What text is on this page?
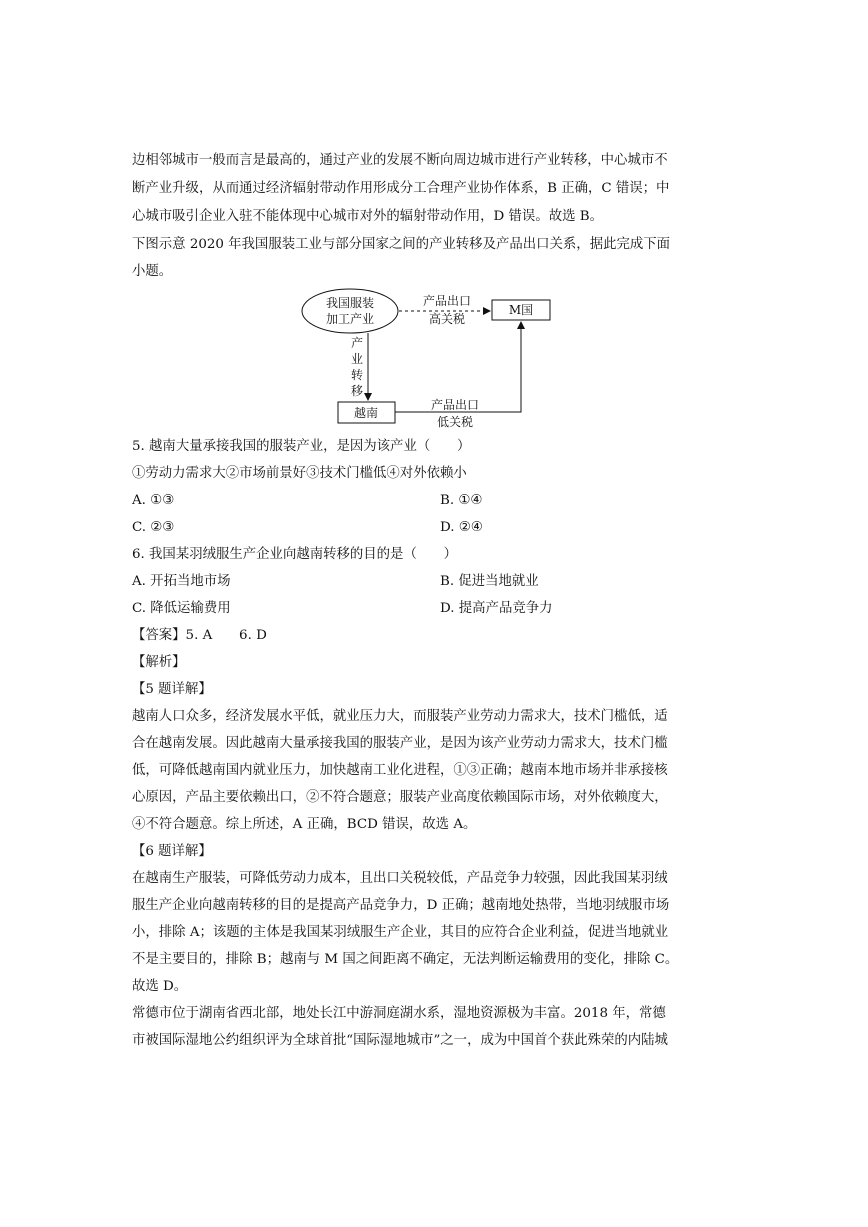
边相邻城市一般而言是最高的，通过产业的发展不断向周边城市进行产业转移，中心城市不
断产业升级，从而通过经济辐射带动作用形成分工合理产业协作体系，B 正确，C 错误；中
心城市吸引企业入驻不能体现中心城市对外的辐射带动作用，D 错误。故选 B。
下图示意 2020 年我国服装工业与部分国家之间的产业转移及产品出口关系，据此完成下面
小题。
我国服装
加工产业
M国
产品出口
高关税
产
业
转
移
越南
产品出口
低关税
5. 越南大量承接我国的服装产业，是因为该产业（　　）
①劳动力需求大②市场前景好③技术门槛低④对外依赖小
A. ①③	B. ①④
C. ②③	D. ②④
6. 我国某羽绒服生产企业向越南转移的目的是（　　）
A. 开拓当地市场	B. 促进当地就业
C. 降低运输费用	D. 提高产品竞争力
【答案】5. A　　6. D
【解析】
【5 题详解】
越南人口众多，经济发展水平低，就业压力大，而服装产业劳动力需求大，技术门槛低，适
合在越南发展。因此越南大量承接我国的服装产业，是因为该产业劳动力需求大，技术门槛
低，可降低越南国内就业压力，加快越南工业化进程，①③正确；越南本地市场并非承接核
心原因，产品主要依赖出口，②不符合题意；服装产业高度依赖国际市场，对外依赖度大，
④不符合题意。综上所述，A 正确，BCD 错误，故选 A。
【6 题详解】
在越南生产服装，可降低劳动力成本，且出口关税较低，产品竞争力较强，因此我国某羽绒
服生产企业向越南转移的目的是提高产品竞争力，D 正确；越南地处热带，当地羽绒服市场
小，排除 A；该题的主体是我国某羽绒服生产企业，其目的应符合企业利益，促进当地就业
不是主要目的，排除 B；越南与 M 国之间距离不确定，无法判断运输费用的变化，排除 C。
故选 D。
常德市位于湖南省西北部，地处长江中游洞庭湖水系，湿地资源极为丰富。2018 年，常德
市被国际湿地公约组织评为全球首批“国际湿地城市”之一，成为中国首个获此殊荣的内陆城
